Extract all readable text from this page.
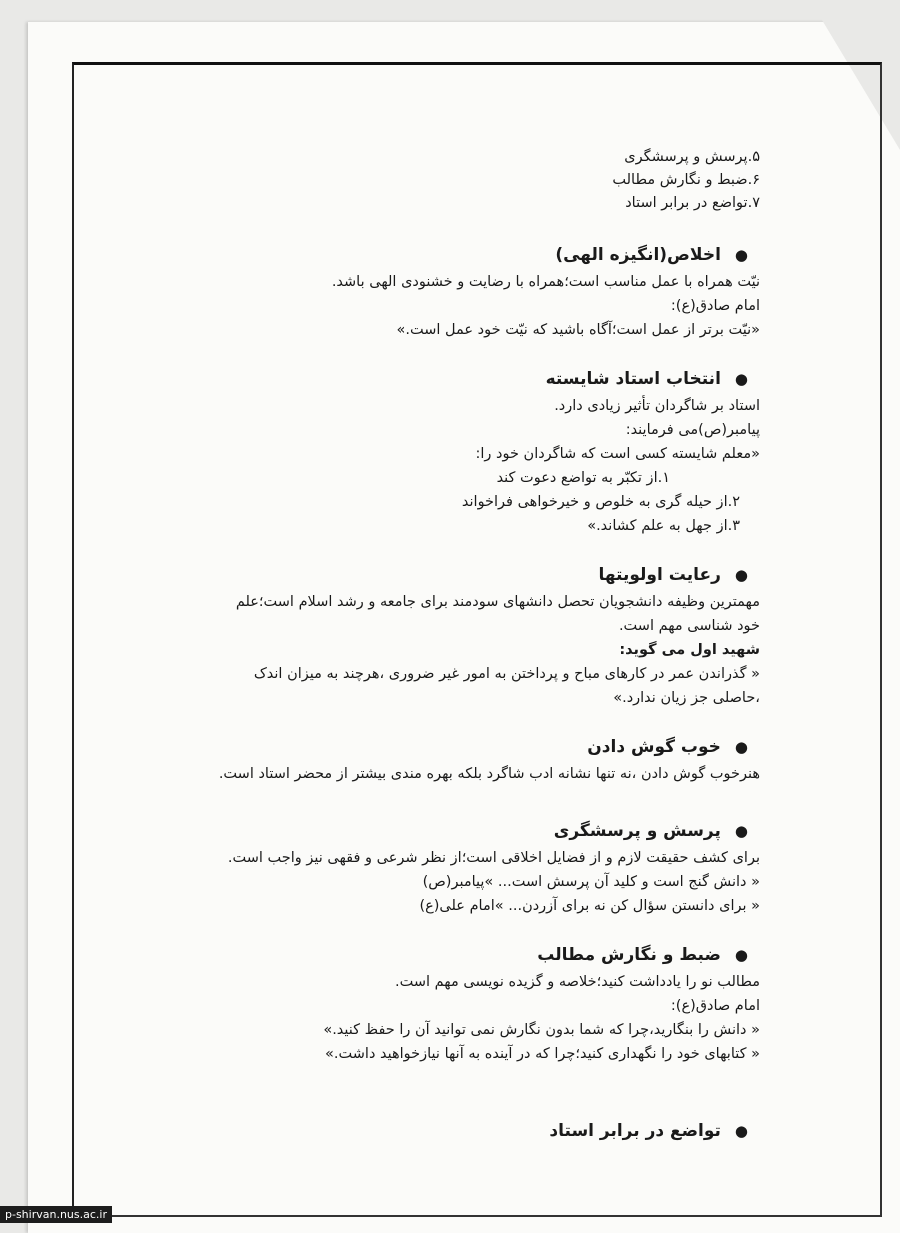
۵.پرسش و پرسشگری
۶.ضبط و نگارش مطالب
۷.تواضع در برابر استاد
●
اخلاص(انگیزه الهی)
نیّت همراه با عمل مناسب است؛همراه با رضایت و خشنودی الهی باشد.
امام صادق(ع):
«نیّت برتر از عمل است؛آگاه باشید که نیّت خود عمل است.»
●
انتخاب استاد شایسته
استاد بر شاگردان تأثیر زیادی دارد.
پیامبر(ص)می فرمایند:
«معلم شایسته کسی است که شاگردان خود را:
۱.از تکبّر به تواضع دعوت کند
۲.از حیله گری به خلوص و خیرخواهی فراخواند
۳.از جهل به علم کشاند.»
●
رعایت اولویتها
مهمترین وظیفه دانشجویان تحصل دانشهای سودمند برای جامعه و رشد اسلام است؛علم
خود شناسی مهم است.
شهید اول می گوید:
« گذراندن عمر در کارهای مباح و پرداختن به امور غیر ضروری ،هرچند به میزان اندک
،حاصلی جز زیان ندارد.»
●
خوب گوش دادن
هنرخوب گوش دادن ،نه تنها نشانه ادب شاگرد بلکه بهره مندی بیشتر از محضر استاد است.
●
پرسش و پرسشگری
برای کشف حقیقت لازم و از فضایل اخلاقی است؛از نظر شرعی و فقهی نیز واجب است.
« دانش گنج است و کلید آن پرسش است... »پیامبر(ص)
« برای دانستن سؤال کن نه برای آزردن... »امام علی(ع)
●
ضبط و نگارش مطالب
مطالب نو را یادداشت کنید؛خلاصه و گزیده نویسی مهم است.
امام صادق(ع):
« دانش را بنگارید،چرا که شما بدون نگارش نمی توانید آن را حفظ کنید.»
« کتابهای خود را نگهداری کنید؛چرا که در آینده به آنها نیازخواهید داشت.»
●
تواضع در برابر استاد
p-shirvan.nus.ac.ir
